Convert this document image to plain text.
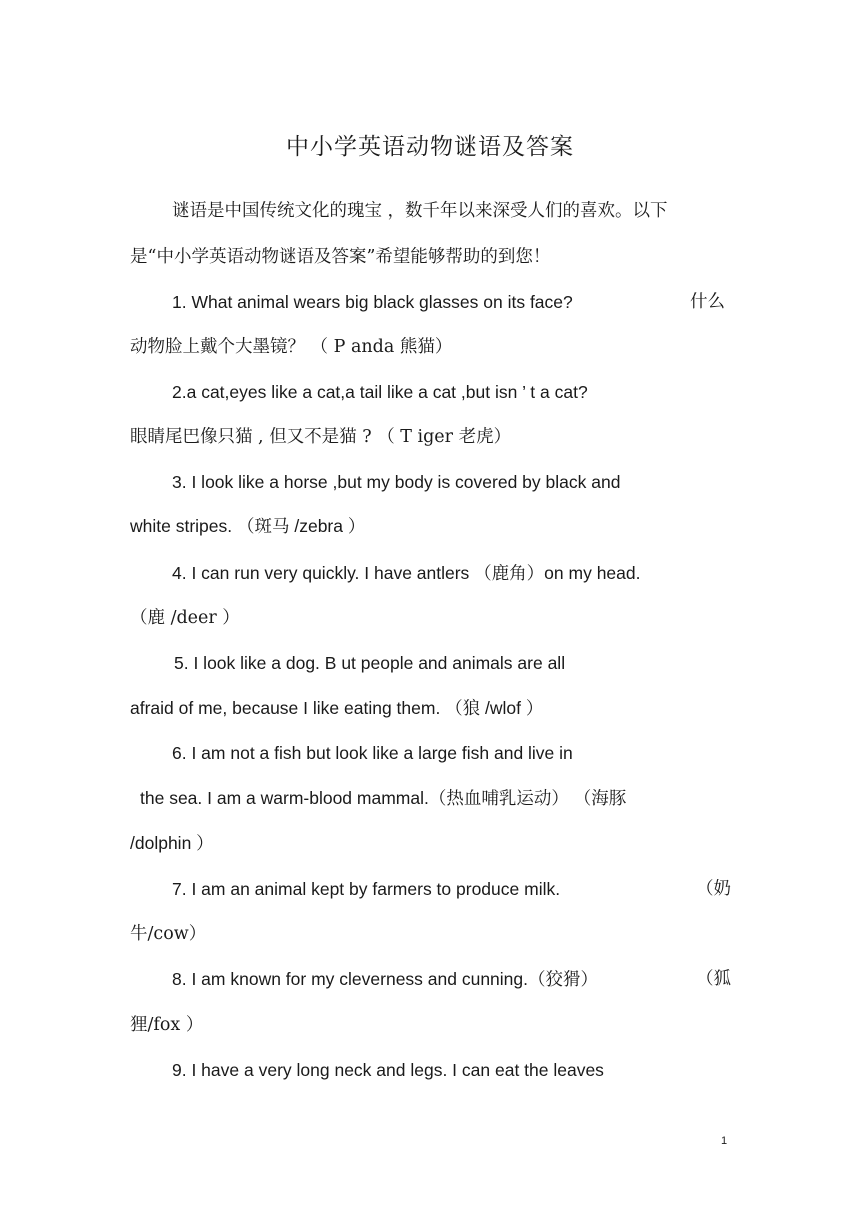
中小学英语动物谜语及答案

谜语是中国传统文化的瑰宝 ，数千年以来深受人们的喜欢。以下

是“中小学英语动物谜语及答案”希望能够帮助的到您！

1. What animal wears big black glasses on its face?	什么

动物脸上戴个大墨镜？ （ P anda 熊猫）

2.a cat,eyes like a cat,a tail like a cat ,but isn ’ t a cat?

眼睛尾巴像只猫 , 但又不是猫 ? （ T iger 老虎）

3. I look like a horse ,but my body is covered by black and

white stripes. （斑马 /zebra ）

4. I can run very quickly. I have antlers （鹿角）on my head.

（鹿 /deer ）

5. I look like a dog. B ut people and animals are all

afraid of me, because I like eating them. （狼 /wlof ）

6. I am not a fish but look like a large fish and live in

the sea. I am a warm-blood mammal.（热血哺乳运动） （海豚

/dolphin ）

7. I am an animal kept by farmers to produce milk.	（奶

牛/cow）

8. I am known for my cleverness and cunning.（狡猾）	（狐

狸/fox ）

9. I have a very long neck and legs. I can eat the leaves

1
